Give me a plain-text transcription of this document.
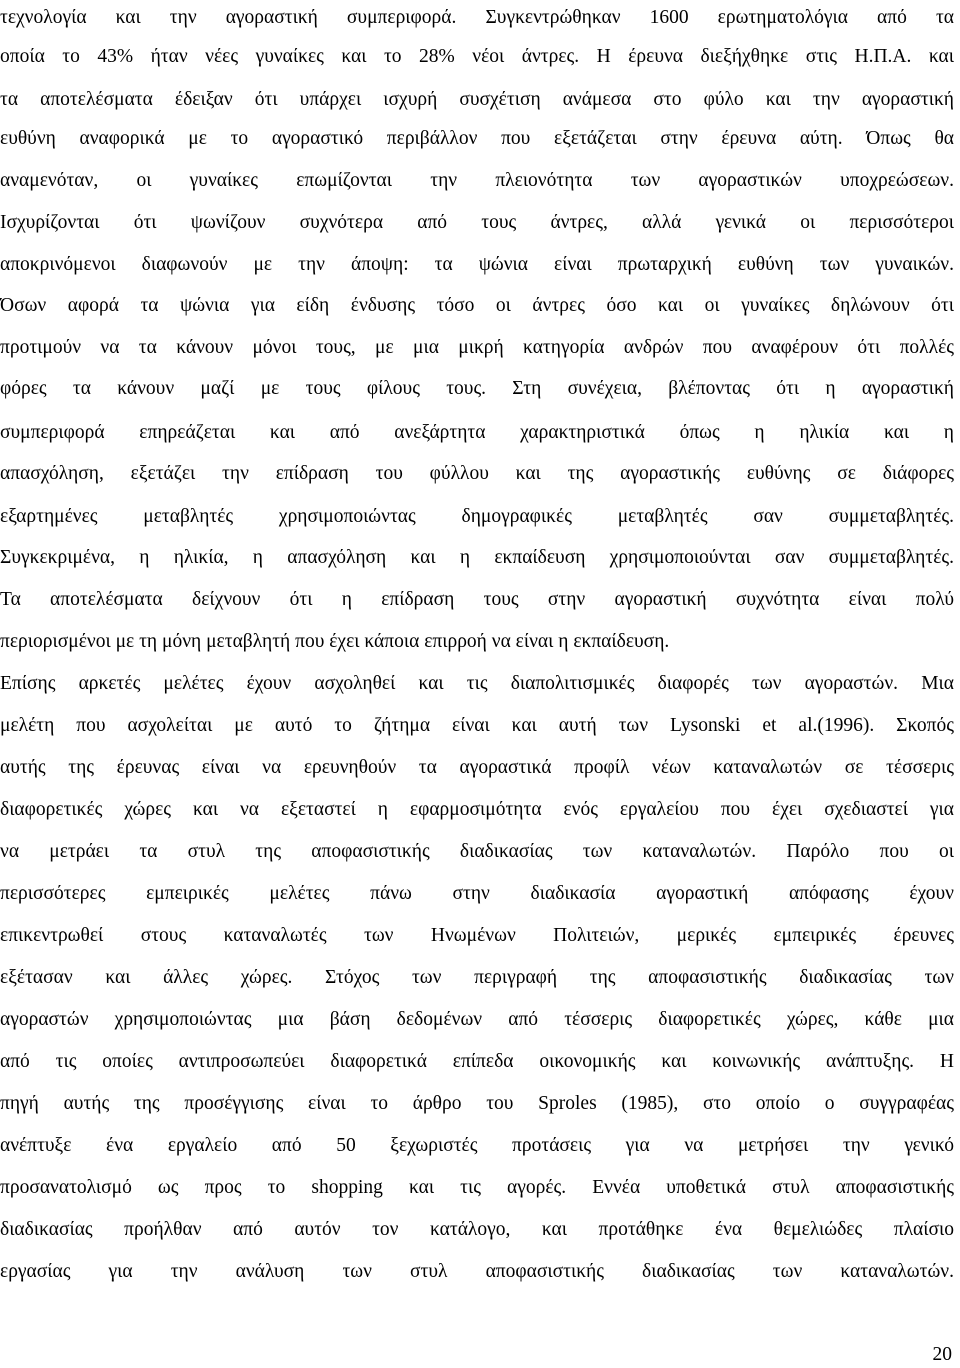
τεχνολογία και την αγοραστική συμπεριφορά. Συγκεντρώθηκαν 1600 ερωτηματολόγια από τα
οποία το 43% ήταν νέες γυναίκες και το 28% νέοι άντρες. Η έρευνα διεξήχθηκε στις Η.Π.Α. και
τα αποτελέσματα έδειξαν ότι υπάρχει ισχυρή συσχέτιση ανάμεσα στο φύλο και την αγοραστική
ευθύνη αναφορικά με το αγοραστικό περιβάλλον που εξετάζεται στην έρευνα αύτη. Όπως θα
αναμενόταν, οι γυναίκες επωμίζονται την πλειονότητα των αγοραστικών υποχρεώσεων.
Ισχυρίζονται ότι ψωνίζουν συχνότερα από τους άντρες, αλλά γενικά οι περισσότεροι
αποκρινόμενοι διαφωνούν με την άποψη: τα ψώνια είναι πρωταρχική ευθύνη των γυναικών.
Όσων αφορά τα ψώνια για είδη ένδυσης τόσο οι άντρες όσο και οι γυναίκες δηλώνουν ότι
προτιμούν να τα κάνουν μόνοι τους, με μια μικρή κατηγορία ανδρών που αναφέρουν ότι πολλές
φόρες τα κάνουν μαζί με τους φίλους τους. Στη συνέχεια, βλέποντας ότι η αγοραστική
συμπεριφορά επηρεάζεται και από ανεξάρτητα χαρακτηριστικά όπως η ηλικία και η
απασχόληση, εξετάζει την επίδραση του φύλλου και της αγοραστικής ευθύνης σε διάφορες
εξαρτημένες μεταβλητές χρησιμοποιώντας δημογραφικές μεταβλητές σαν συμμεταβλητές.
Συγκεκριμένα, η ηλικία, η απασχόληση και η εκπαίδευση χρησιμοποιούνται σαν συμμεταβλητές.
Τα αποτελέσματα δείχνουν ότι η επίδραση τους στην αγοραστική συχνότητα είναι πολύ
περιορισμένοι με τη μόνη μεταβλητή που έχει κάποια επιρροή να είναι η εκπαίδευση.
Επίσης αρκετές μελέτες έχουν ασχοληθεί και τις διαπολιτισμικές διαφορές των αγοραστών. Μια
μελέτη που ασχολείται με αυτό το ζήτημα είναι και αυτή των Lysonski et al.(1996). Σκοπός
αυτής της έρευνας είναι να ερευνηθούν τα αγοραστικά προφίλ νέων καταναλωτών σε τέσσερις
διαφορετικές χώρες και να εξεταστεί η εφαρμοσιμότητα ενός εργαλείου που έχει σχεδιαστεί για
να μετράει τα στυλ της αποφασιστικής διαδικασίας των καταναλωτών. Παρόλο που οι
περισσότερες εμπειρικές μελέτες πάνω στην διαδικασία αγοραστική απόφασης έχουν
επικεντρωθεί στους καταναλωτές των Ηνωμένων Πολιτειών, μερικές εμπειρικές έρευνες
εξέτασαν και άλλες χώρες. Στόχος των περιγραφή της αποφασιστικής διαδικασίας των
αγοραστών χρησιμοποιώντας μια βάση δεδομένων από τέσσερις διαφορετικές χώρες, κάθε μια
από τις οποίες αντιπροσωπεύει διαφορετικά επίπεδα οικονομικής και κοινωνικής ανάπτυξης. Η
πηγή αυτής της προσέγγισης είναι το άρθρο του Sproles (1985), στο οποίο ο συγγραφέας
ανέπτυξε ένα εργαλείο από 50 ξεχωριστές προτάσεις για να μετρήσει την γενικό
προσανατολισμό ως προς το shopping και τις αγορές. Εννέα υποθετικά στυλ αποφασιστικής
διαδικασίας προήλθαν από αυτόν τον κατάλογο, και προτάθηκε ένα θεμελιώδες πλαίσιο
εργασίας για την ανάλυση των στυλ αποφασιστικής διαδικασίας των καταναλωτών.
20
